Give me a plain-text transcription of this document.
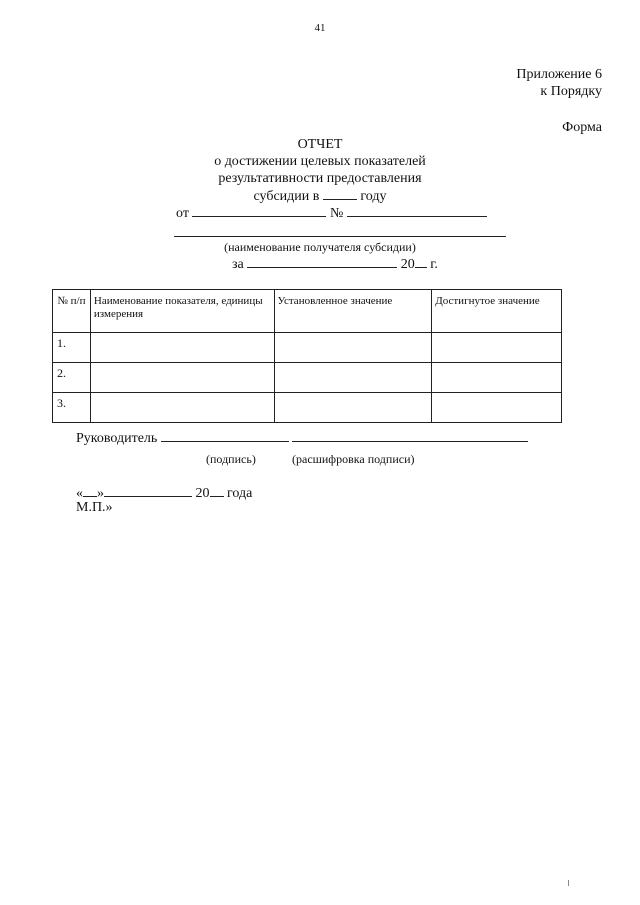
41
Приложение 6
к Порядку
Форма
ОТЧЕТ
о достижении целевых показателей
результативности предоставления
субсидии в	году
от	№
(наименование получателя субсидии)
за	20 г.
№ п/п	Наименование показателя, единицы измерения	Установленное значение	Достигнутое значение
1.			
2.			
3.			
Руководитель
(подпись)	(расшифровка подписи)
« »	20 года
М.П.»
